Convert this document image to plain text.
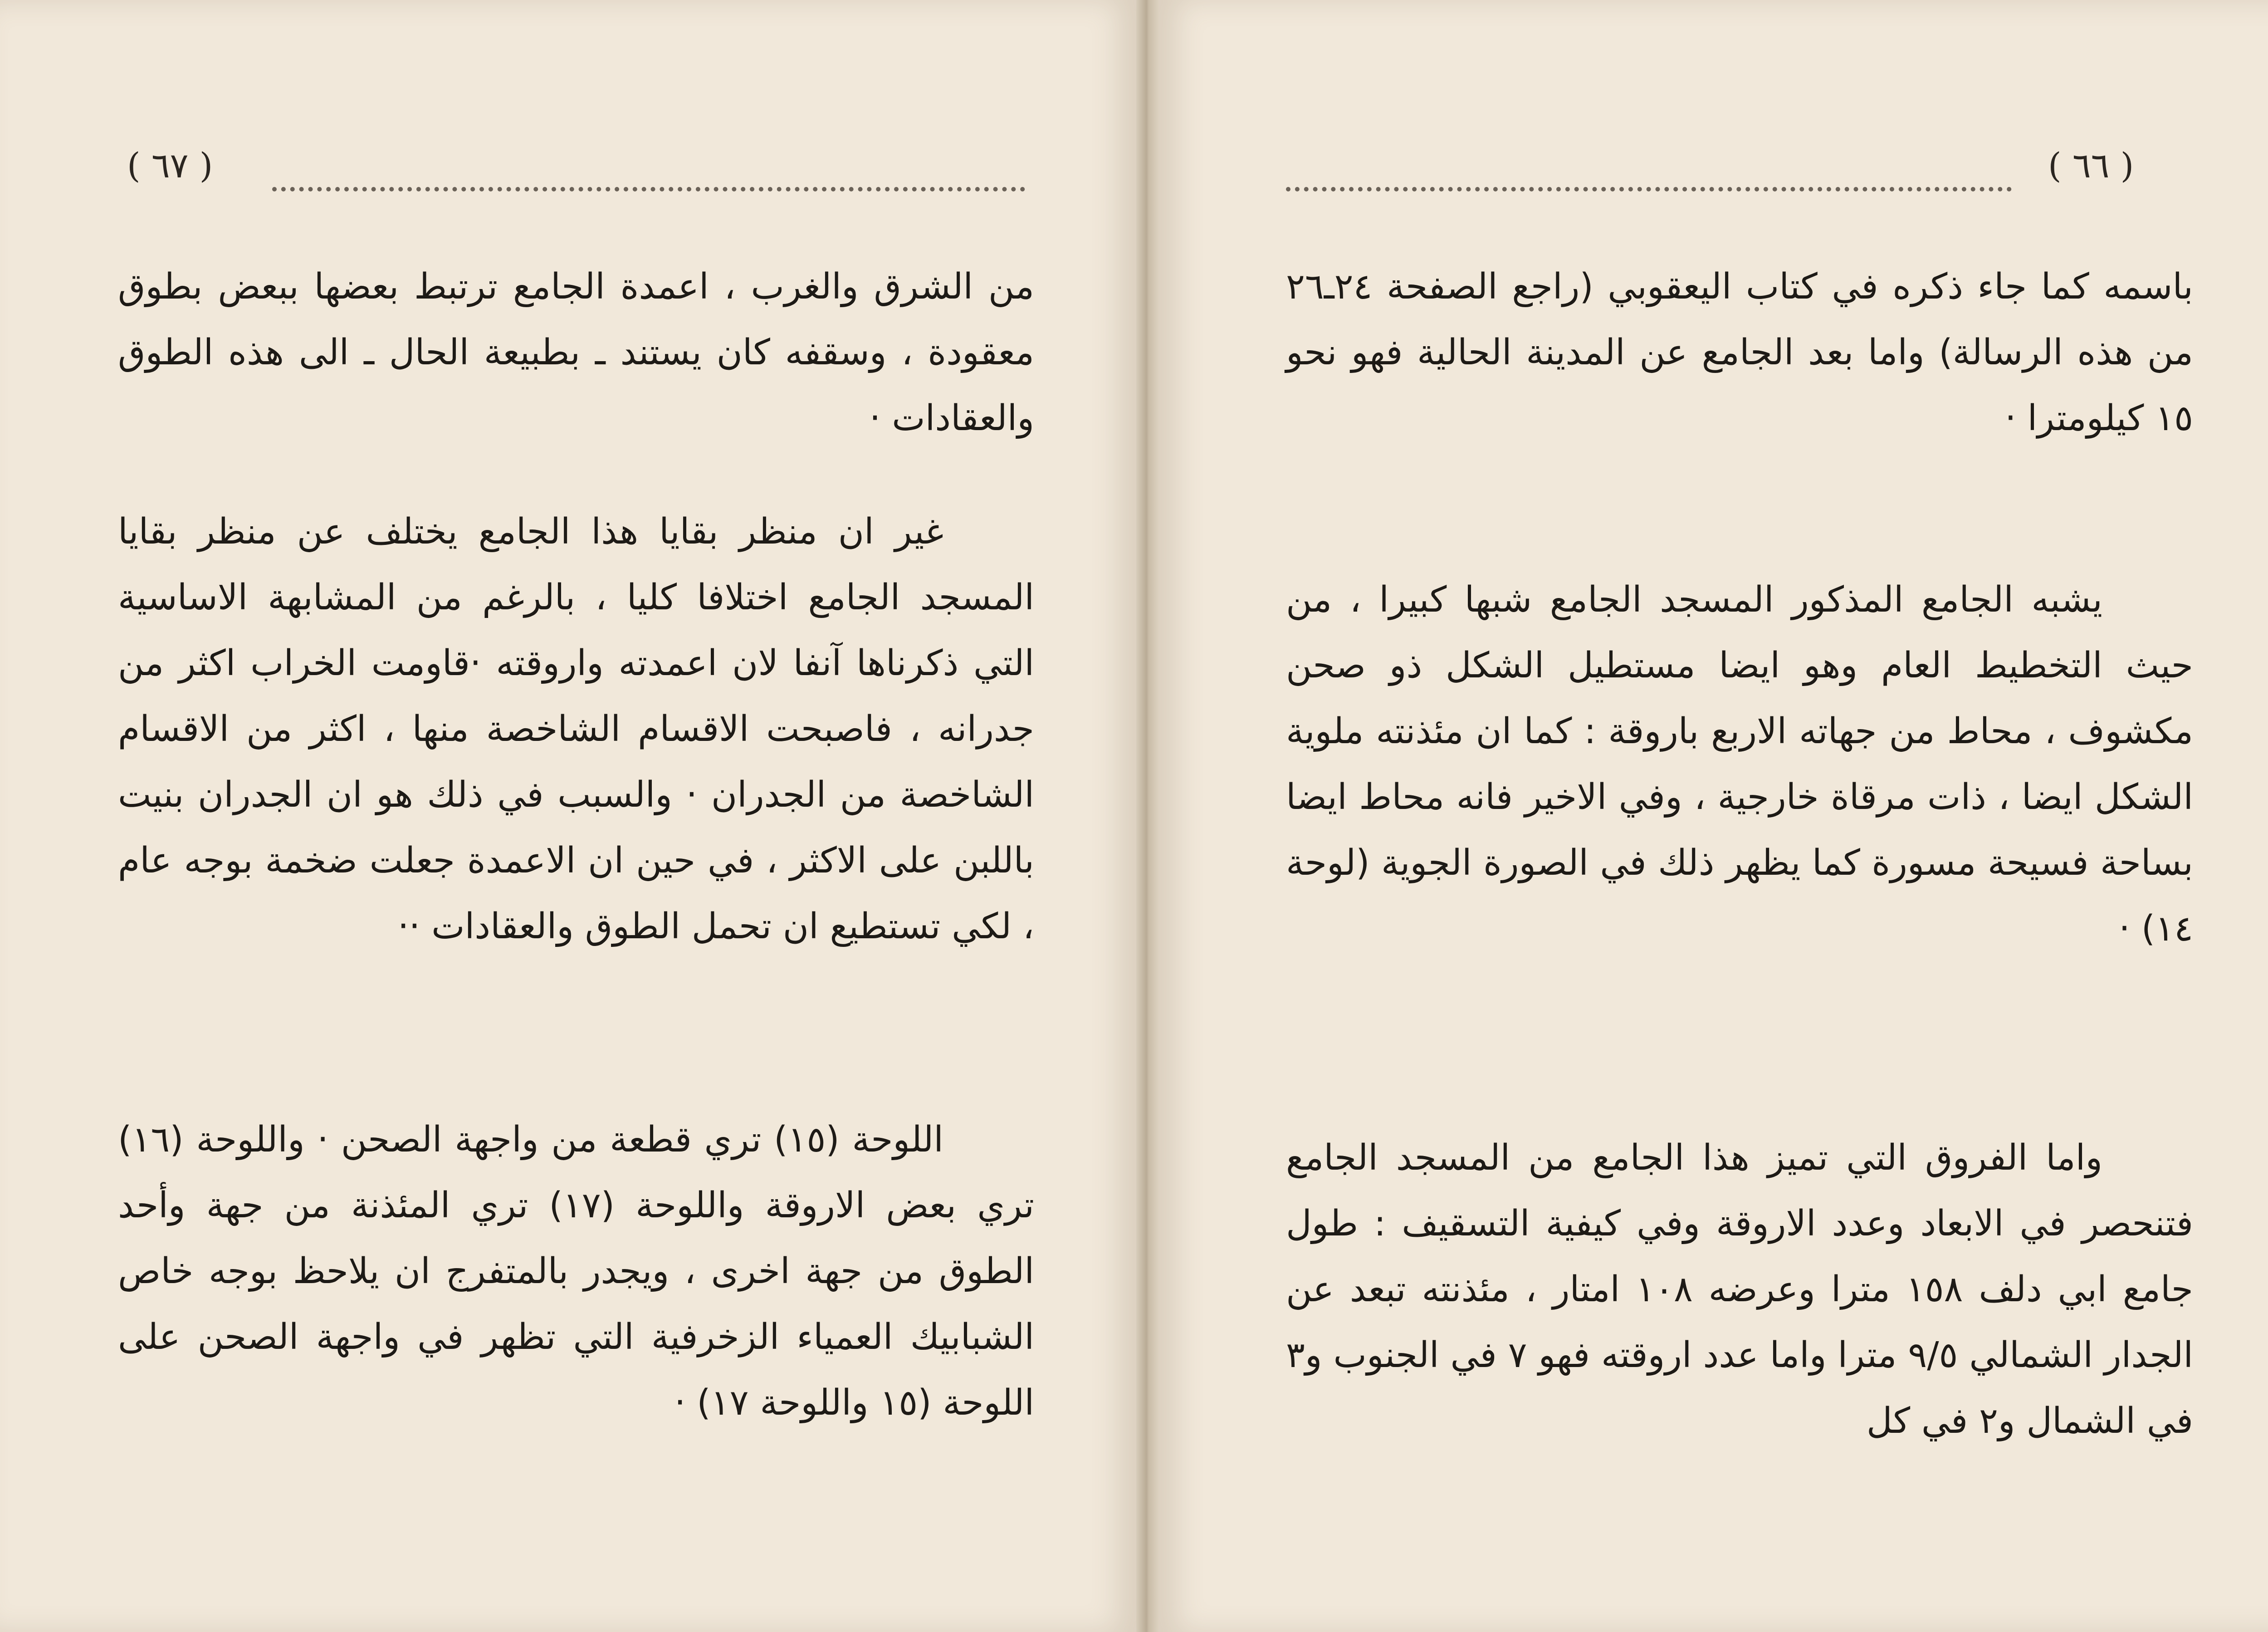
( ٦٧ )
من الشرق والغرب ، اعمدة الجامع ترتبط بعضها ببعض بطوق معقودة ، وسقفه كان يستند ـ بطبيعة الحال ـ الى هذه الطوق والعقادات ·
غير ان منظر بقايا هذا الجامع يختلف عن منظر بقايا المسجد الجامع اختلافا كليا ، بالرغم من المشابهة الاساسية التي ذكرناها آنفا لان اعمدته واروقته ·قاومت الخراب اكثر من جدرانه ، فاصبحت الاقسام الشاخصة منها ، اكثر من الاقسام الشاخصة من الجدران · والسبب في ذلك هو ان الجدران بنيت باللبن على الاكثر ، في حين ان الاعمدة جعلت ضخمة بوجه عام ، لكي تستطيع ان تحمل الطوق والعقادات ··
اللوحة (١٥) تري قطعة من واجهة الصحن · واللوحة (١٦) تري بعض الاروقة واللوحة (١٧) تري المئذنة من جهة وأحد الطوق من جهة اخرى ، ويجدر بالمتفرج ان يلاحظ بوجه خاص الشبابيك العمياء الزخرفية التي تظهر في واجهة الصحن على اللوحة (١٥ واللوحة ١٧) ·
( ٦٦ )
باسمه كما جاء ذكره في كتاب اليعقوبي (راجع الصفحة ٢٤ـ٢٦ من هذه الرسالة) واما بعد الجامع عن المدينة الحالية فهو نحو ١٥ كيلومترا ·
يشبه الجامع المذكور المسجد الجامع شبها كبيرا ، من حيث التخطيط العام وهو ايضا مستطيل الشكل ذو صحن مكشوف ، محاط من جهاته الاربع باروقة : كما ان مئذنته ملوية الشكل ايضا ، ذات مرقاة خارجية ، وفي الاخير فانه محاط ايضا بساحة فسيحة مسورة كما يظهر ذلك في الصورة الجوية (لوحة ١٤) ·
واما الفروق التي تميز هذا الجامع من المسجد الجامع فتنحصر في الابعاد وعدد الاروقة وفي كيفية التسقيف : طول جامع ابي دلف ١٥٨ مترا وعرضه ١٠٨ امتار ، مئذنته تبعد عن الجدار الشمالي ٩/٥ مترا واما عدد اروقته فهو ٧ في الجنوب و٣ في الشمال و٢ في كل
